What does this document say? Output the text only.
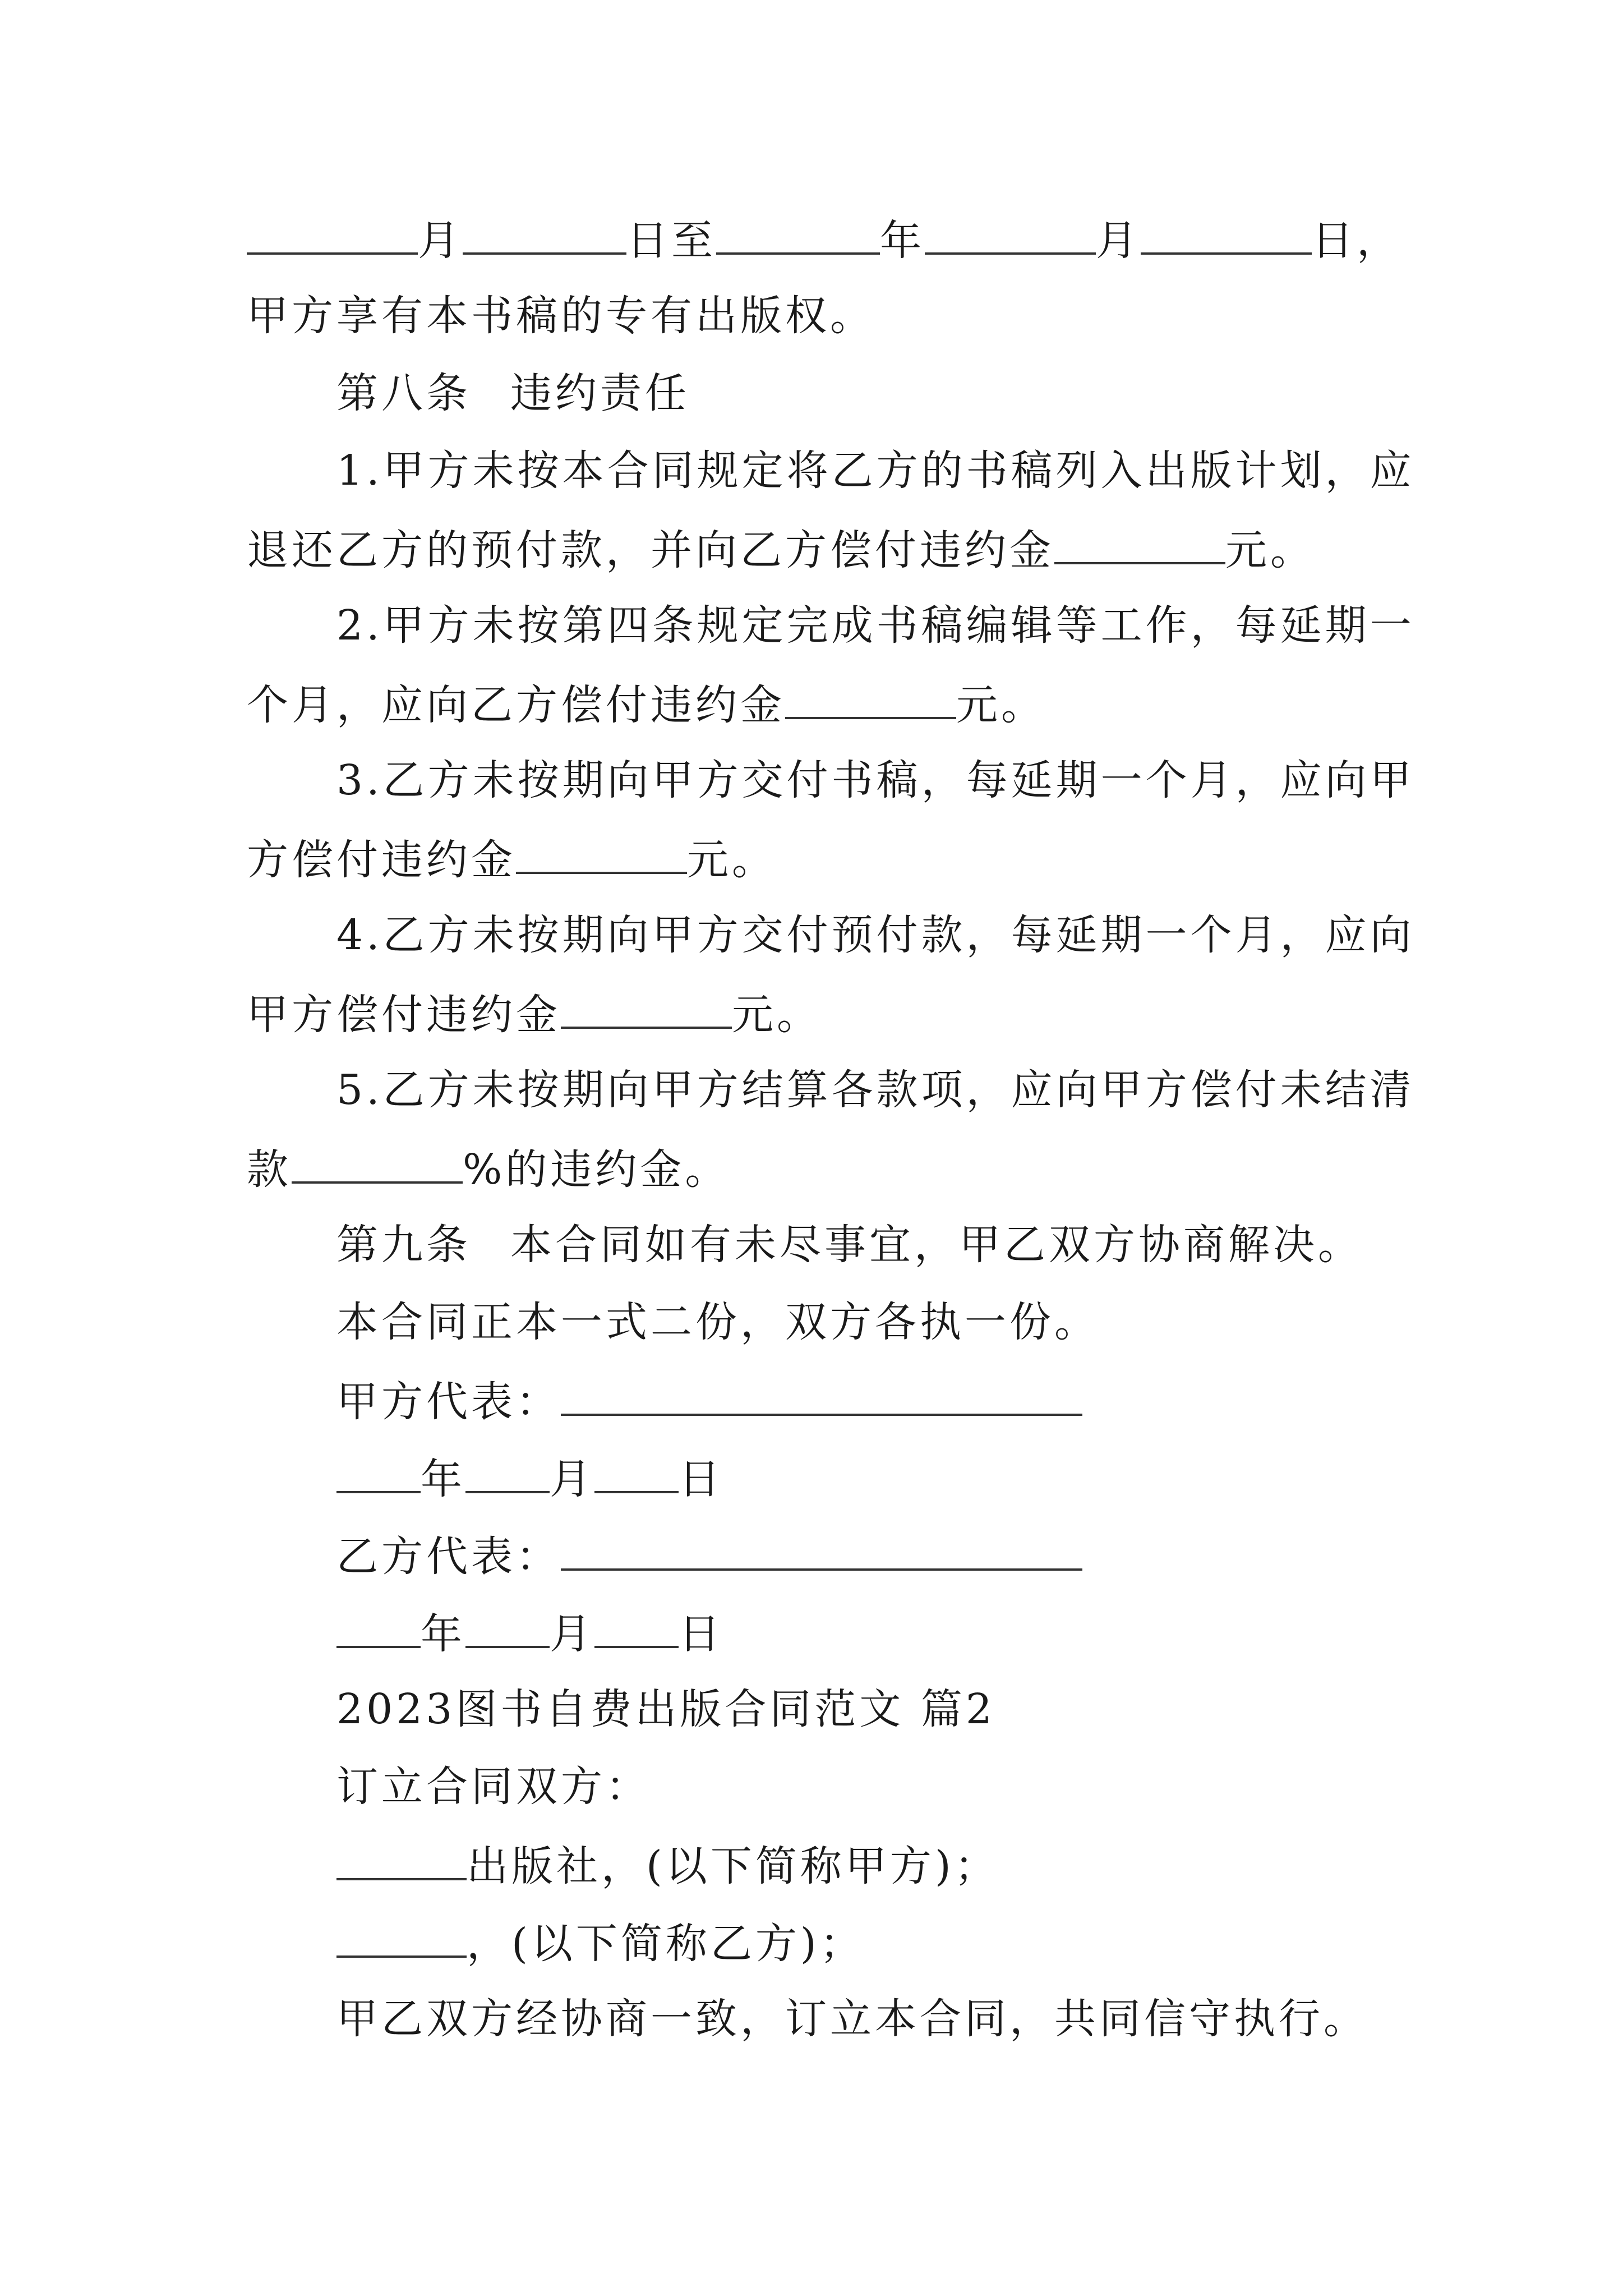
月	日至	年	月	日，
甲方享有本书稿的专有出版权。
第八条 违约责任
1.甲方未按本合同规定将乙方的书稿列入出版计划，应
退还乙方的预付款，并向乙方偿付违约金	元。
2.甲方未按第四条规定完成书稿编辑等工作，每延期一
个月，应向乙方偿付违约金	元。
3.乙方未按期向甲方交付书稿，每延期一个月，应向甲
方偿付违约金	元。
4.乙方未按期向甲方交付预付款，每延期一个月，应向
甲方偿付违约金	元。
5.乙方未按期向甲方结算各款项，应向甲方偿付未结清
款	%的违约金。
第九条 本合同如有未尽事宜，甲乙双方协商解决。
本合同正本一式二份，双方各执一份。
甲方代表：
年 月 日
乙方代表：
年 月 日
2023图书自费出版合同范文 篇2
订立合同双方：
出版社，(以下简称甲方)；
，(以下简称乙方)；
甲乙双方经协商一致，订立本合同，共同信守执行。
